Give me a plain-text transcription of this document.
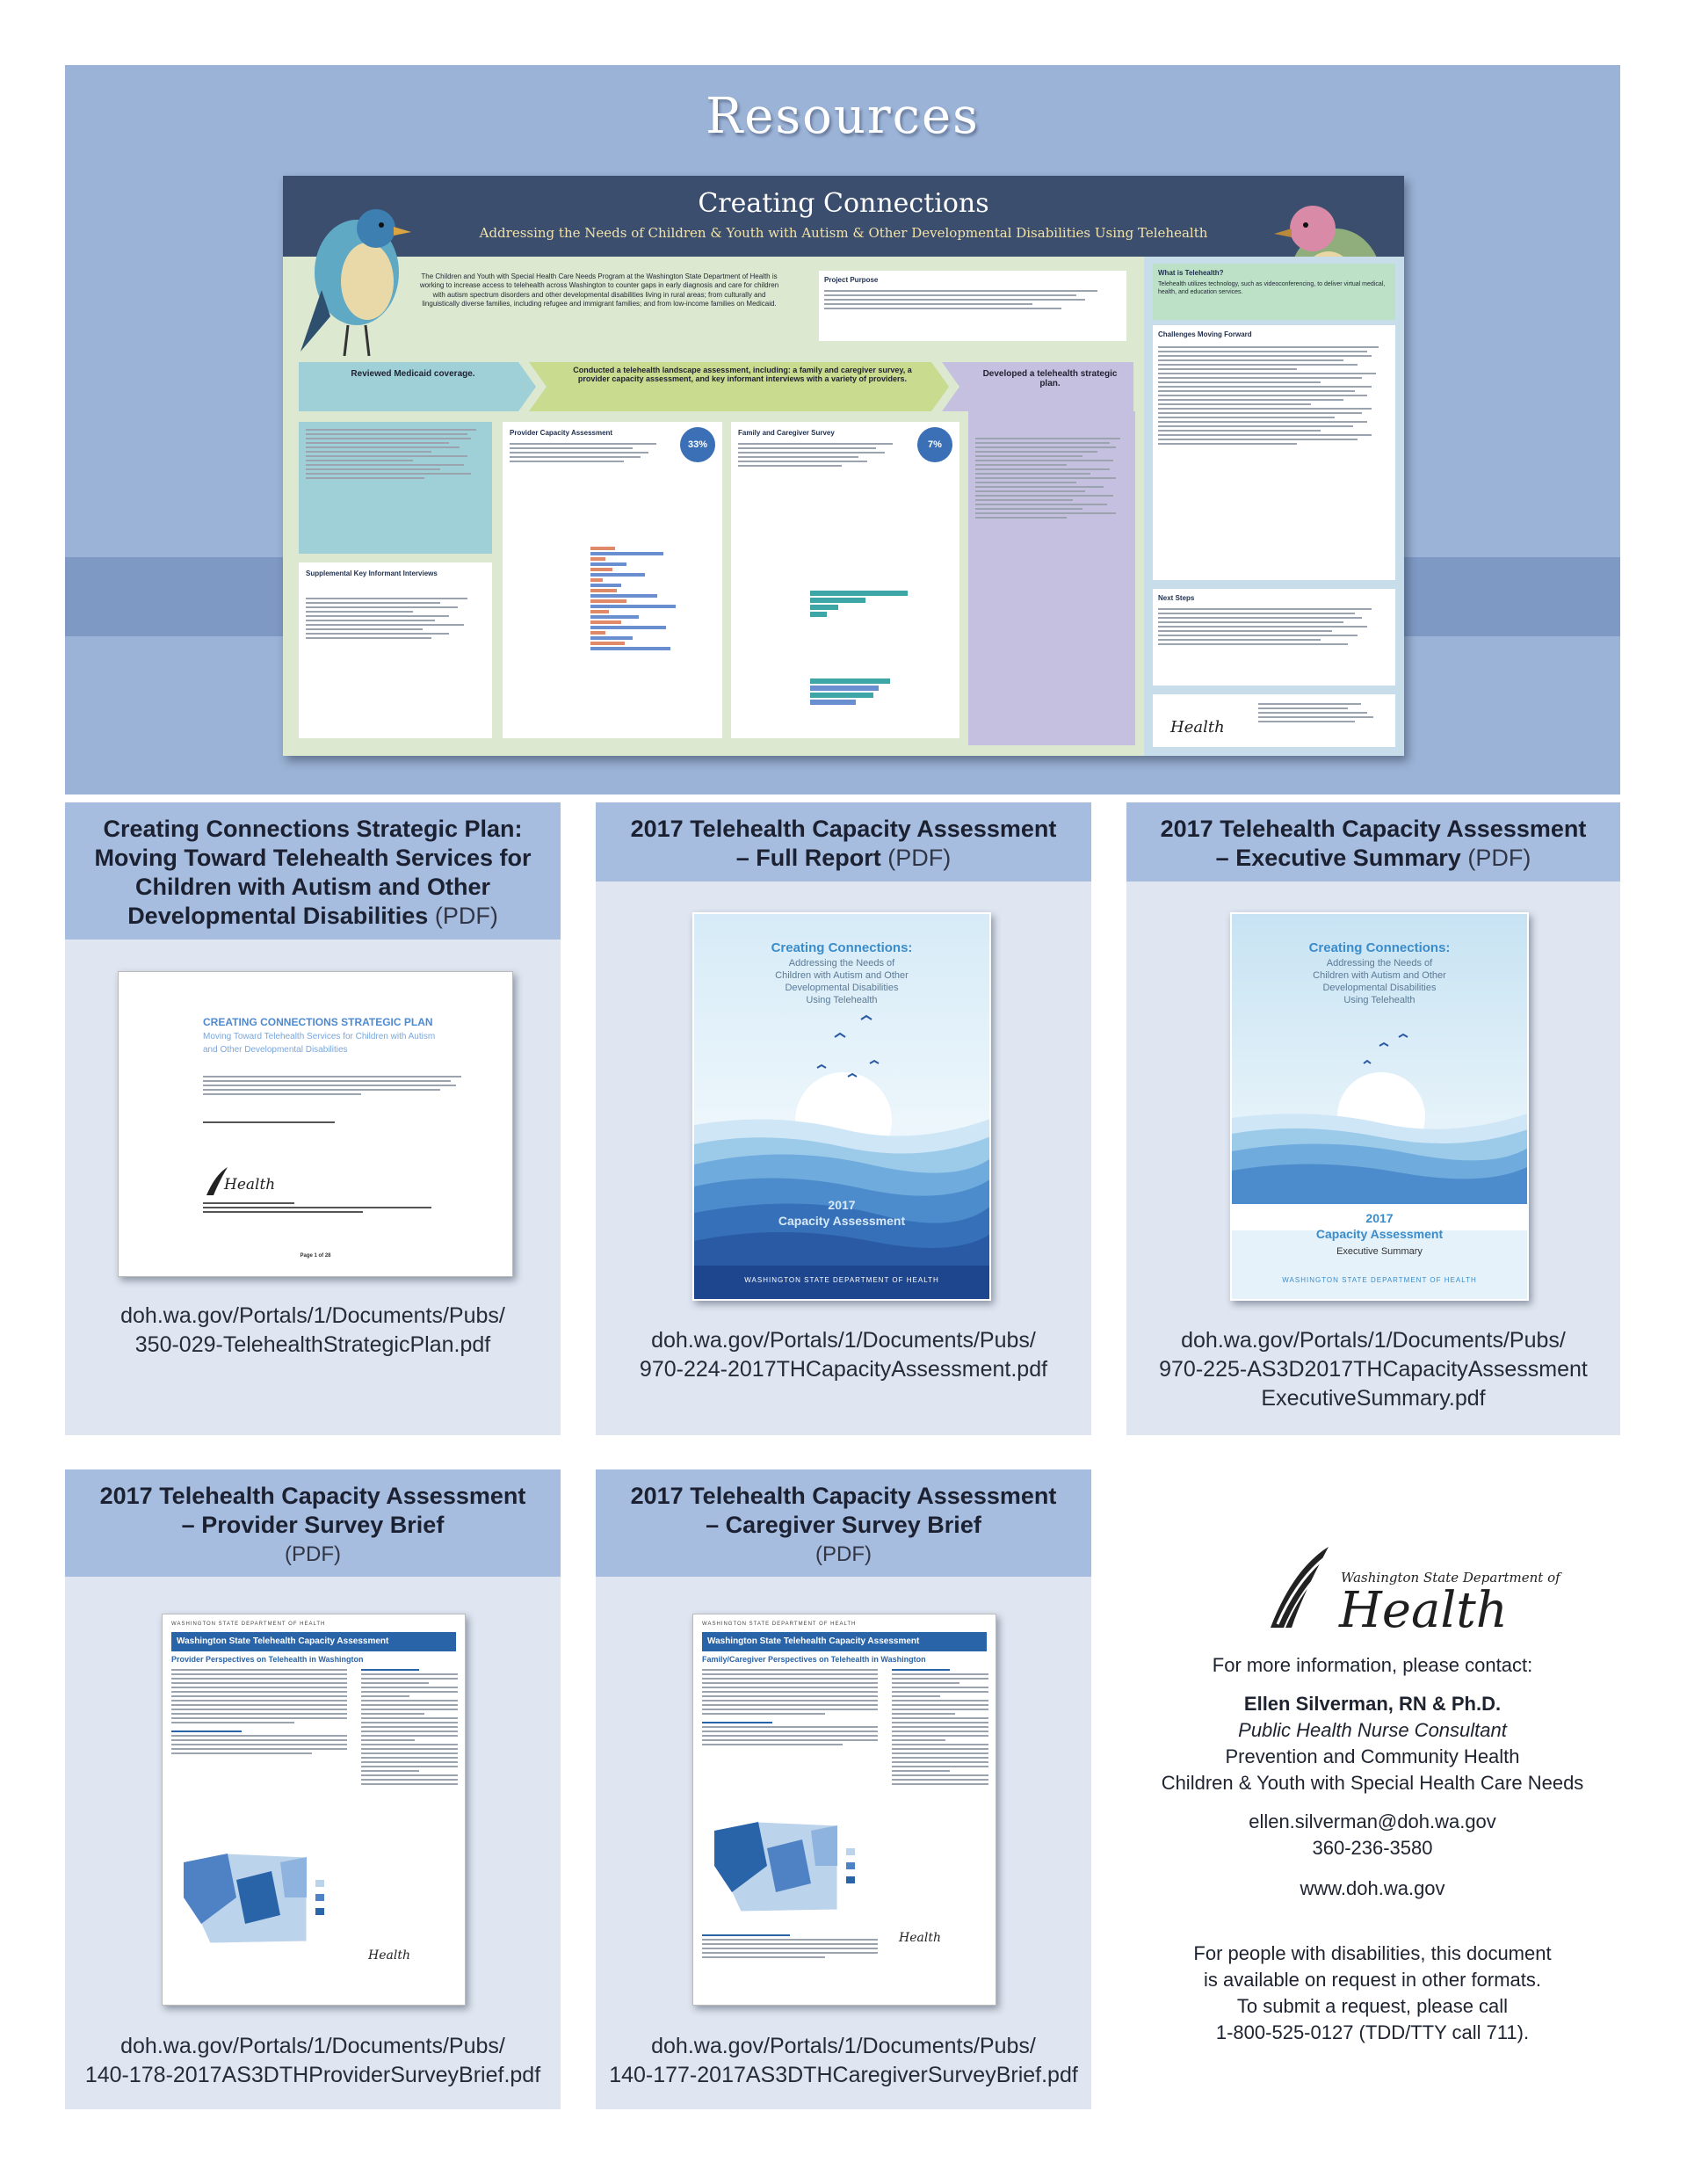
Resources
Creating Connections
Addressing the Needs of Children & Youth with Autism & Other Developmental Disabilities Using Telehealth
The Children and Youth with Special Health Care Needs Program at the Washington State Department of Health is working to increase access to telehealth across Washington to counter gaps in early diagnosis and care for children with autism spectrum disorders and other developmental disabilities living in rural areas; from culturally and linguistically diverse families, including refugee and immigrant families; and from low-income families on Medicaid.
Project Purpose
Reviewed Medicaid coverage.	Conducted a telehealth landscape assessment, including: a family and caregiver survey, a provider capacity assessment, and key informant interviews with a variety of providers.	Developed a telehealth strategic plan.
Supplemental Key Informant Interviews
Provider Capacity Assessment
33%
Family and Caregiver Survey
7%
What is Telehealth?
Telehealth utilizes technology, such as videoconferencing, to deliver virtual medical, health, and education services.
Challenges Moving Forward
Next Steps
Health
Creating Connections Strategic Plan: Moving Toward Telehealth Services for Children with Autism and Other Developmental Disabilities (PDF)
CREATING CONNECTIONS STRATEGIC PLAN
Moving Toward Telehealth Services for Children with Autism and Other Developmental Disabilities
Health
Page 1 of 28
doh.wa.gov/Portals/1/Documents/Pubs/
350-029-TelehealthStrategicPlan.pdf
2017 Telehealth Capacity Assessment
– Full Report (PDF)
Creating Connections:
Addressing the Needs of
Children with Autism and Other
Developmental Disabilities
Using Telehealth
2017
Capacity Assessment
WASHINGTON STATE DEPARTMENT OF HEALTH
doh.wa.gov/Portals/1/Documents/Pubs/
970-224-2017THCapacityAssessment.pdf
2017 Telehealth Capacity Assessment
– Executive Summary (PDF)
Creating Connections:
Addressing the Needs of
Children with Autism and Other
Developmental Disabilities
Using Telehealth
2017
Capacity Assessment
Executive Summary
WASHINGTON STATE DEPARTMENT OF HEALTH
doh.wa.gov/Portals/1/Documents/Pubs/
970-225-AS3D2017THCapacityAssessment
ExecutiveSummary.pdf
2017 Telehealth Capacity Assessment
– Provider Survey Brief
(PDF)
WASHINGTON STATE DEPARTMENT OF HEALTH
Washington State Telehealth Capacity Assessment
Provider Perspectives on Telehealth in Washington
Health
doh.wa.gov/Portals/1/Documents/Pubs/
140-178-2017AS3DTHProviderSurveyBrief.pdf
2017 Telehealth Capacity Assessment
– Caregiver Survey Brief
(PDF)
WASHINGTON STATE DEPARTMENT OF HEALTH
Washington State Telehealth Capacity Assessment
Family/Caregiver Perspectives on Telehealth in Washington
Health
doh.wa.gov/Portals/1/Documents/Pubs/
140-177-2017AS3DTHCaregiverSurveyBrief.pdf
Washington State Department of
Health
For more information, please contact:
Ellen Silverman, RN & Ph.D.
Public Health Nurse Consultant
Prevention and Community Health
Children & Youth with Special Health Care Needs
ellen.silverman@doh.wa.gov
360-236-3580
www.doh.wa.gov
For people with disabilities, this document
is available on request in other formats.
To submit a request, please call
1-800-525-0127 (TDD/TTY call 711).
